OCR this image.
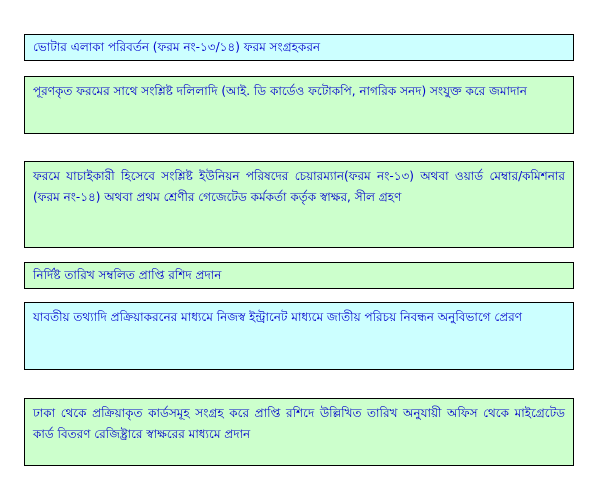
ভোটার এলাকা পরিবর্তন (ফরম নং-১৩/১৪) ফরম সংগ্রহকরন
পূরণকৃত ফরমের সাথে সংশ্লিষ্ট দলিলাদি (আই. ডি কার্ডেও ফটোকপি, নাগরিক সনদ) সংযুক্ত করে জমাদান
ফরমে যাচাইকারী হিসেবে সংশ্লিষ্ট ইউনিয়ন পরিষদের চেয়ারম্যান(ফরম নং-১৩) অথবা ওয়ার্ড মেম্বার/কমিশনার (ফরম নং-১৪) অথবা প্রথম শ্রেণীর গেজেটেড কর্মকর্তা কর্তৃক স্বাক্ষর, সীল গ্রহণ
নির্দিষ্ট তারিখ সম্বলিত প্রাপ্তি রশিদ প্রদান
যাবতীয় তথ্যাদি প্রক্রিয়াকরনের মাধ্যমে নিজস্ব ইন্ট্রানেট মাধ্যমে জাতীয় পরিচয় নিবন্ধন অনুবিভাগে প্রেরণ
ঢাকা থেকে প্রক্রিয়াকৃত কার্ডসমূহ সংগ্রহ করে প্রাপ্তি রশিদে উল্লিখিত তারিখ অনুযায়ী অফিস থেকে মাইগ্রেটেড কার্ড বিতরণ রেজিষ্ট্রারে স্বাক্ষরের মাধ্যমে প্রদান
